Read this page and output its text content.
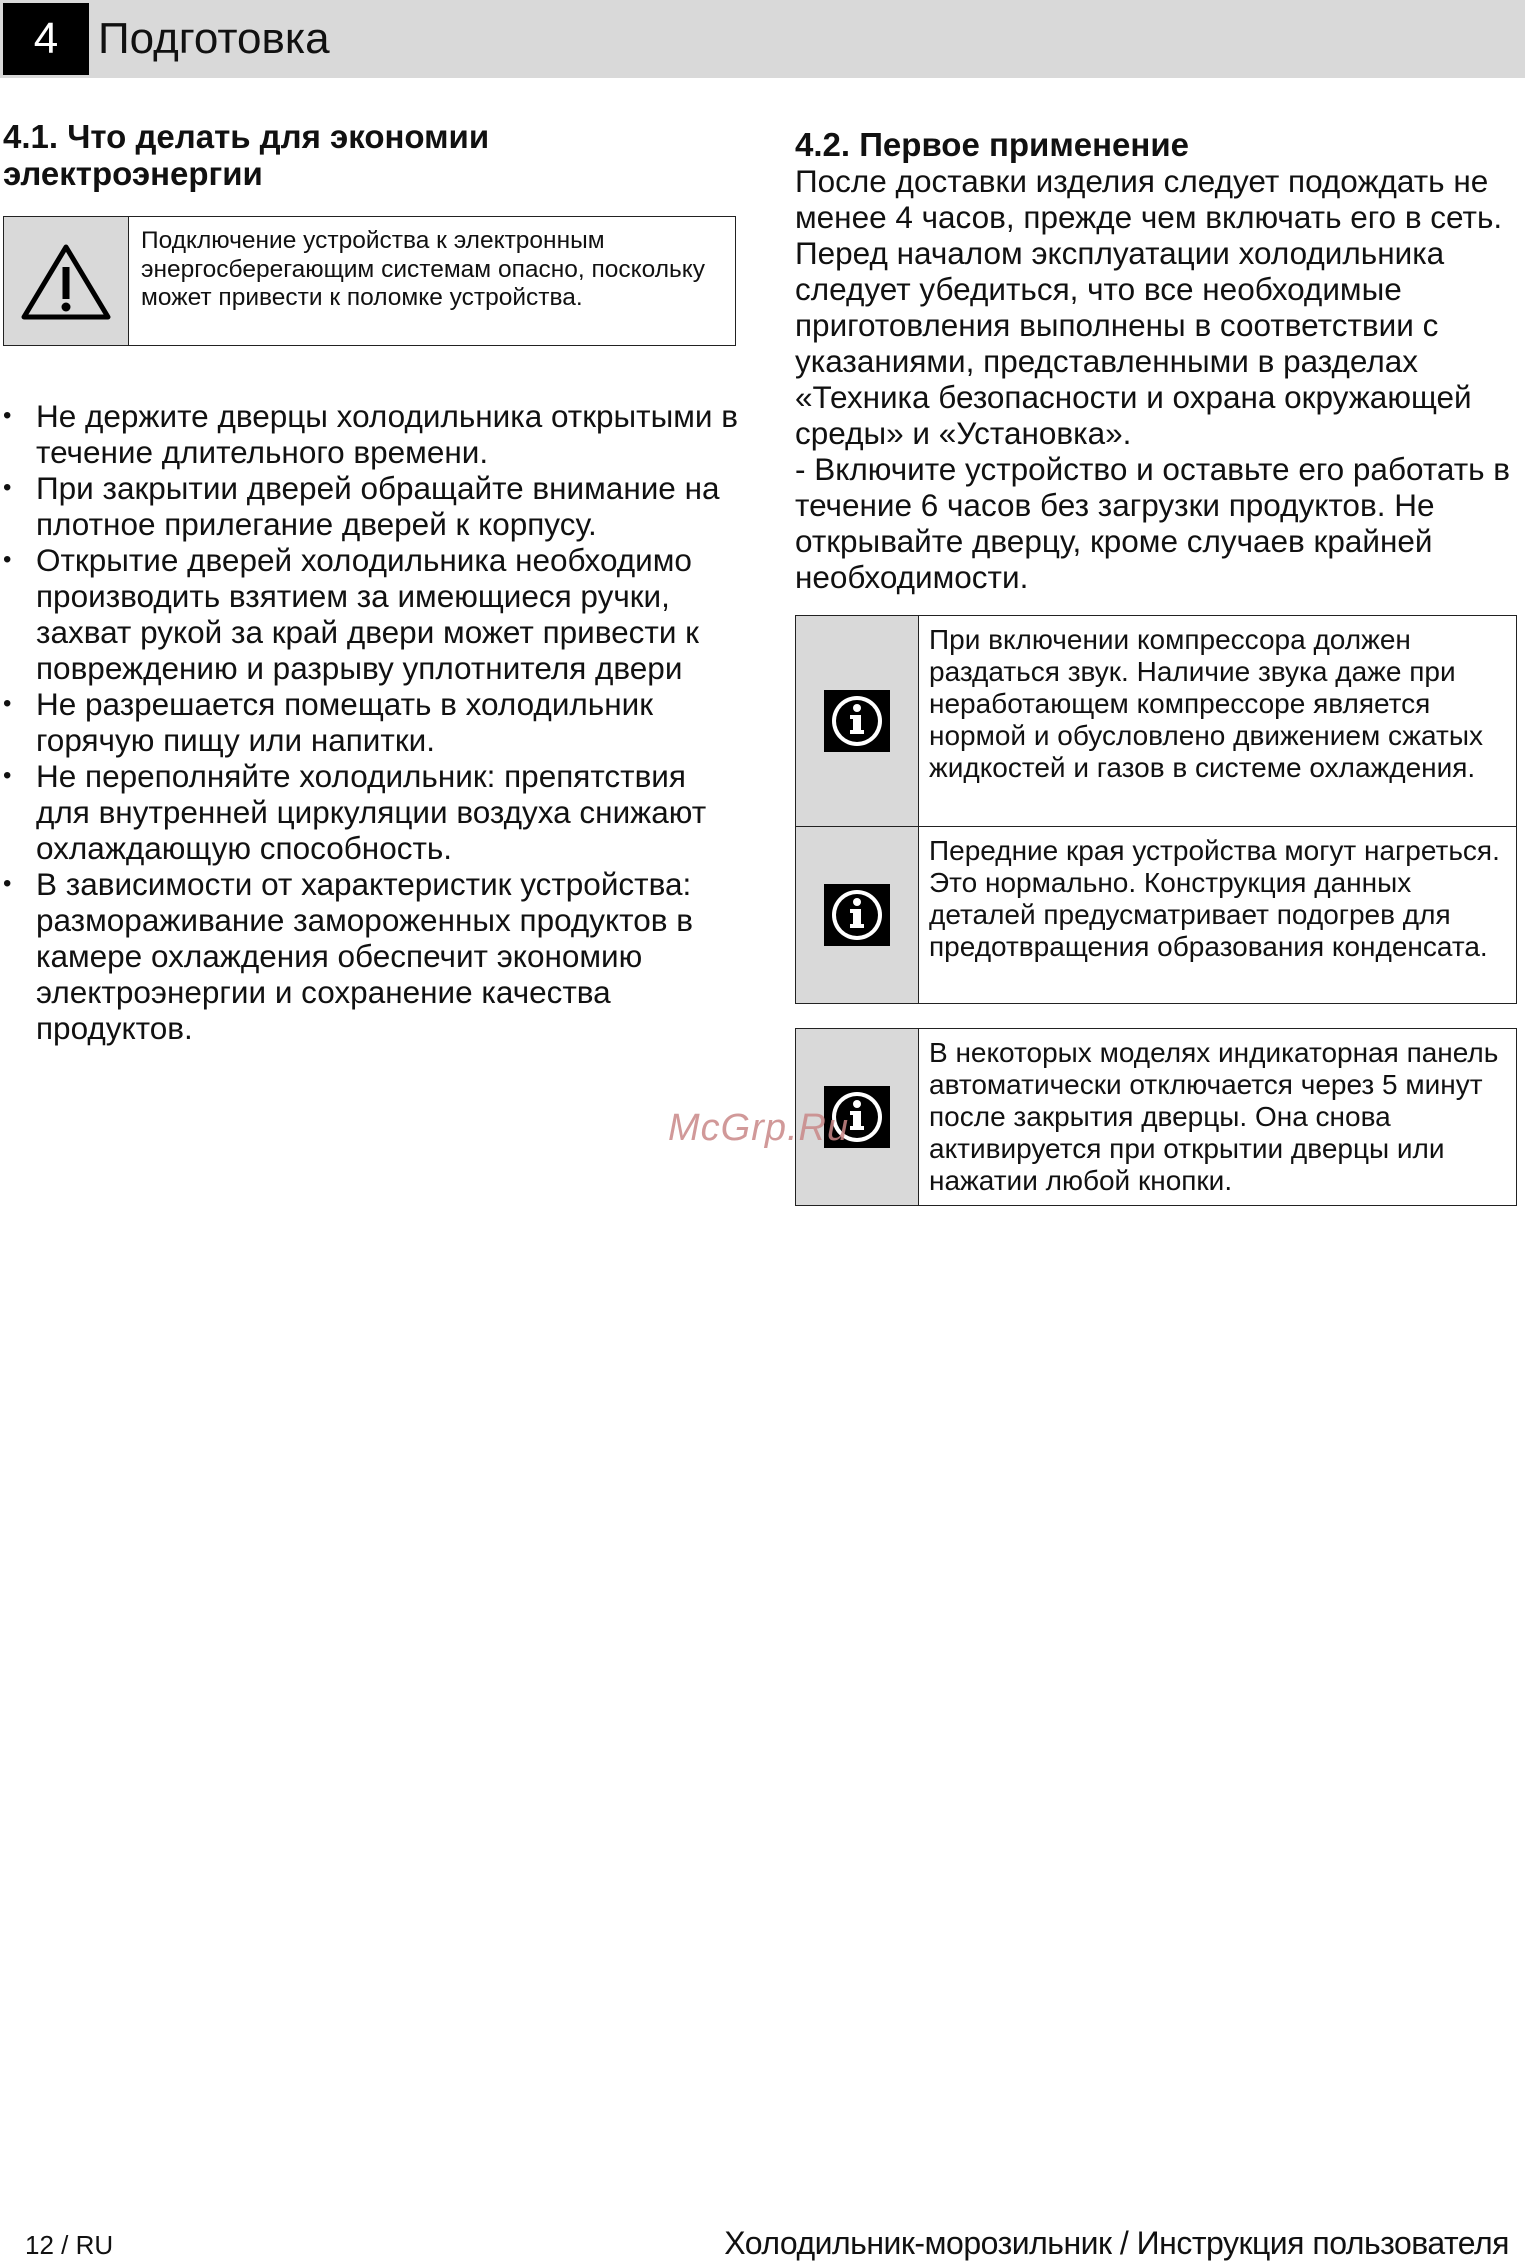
4 Подготовка
4.1. Что делать для экономии электроэнергии
Подключение устройства к электронным энергосберегающим системам опасно, поскольку может привести к поломке устройства.
• Не держите дверцы холодильника открытыми в течение длительного времени.
• При закрытии дверей обращайте внимание на плотное прилегание дверей к корпусу.
• Открытие дверей холодильника необходимо производить взятием за имеющиеся ручки, захват рукой за край двери может привести к повреждению и разрыву уплотнителя двери
• Не разрешается помещать в холодильник горячую пищу или напитки.
• Не переполняйте холодильник: препятствия для внутренней циркуляции воздуха снижают охлаждающую способность.
• В зависимости от характеристик устройства: размораживание замороженных продуктов в камере охлаждения обеспечит экономию электроэнергии и сохранение качества продуктов.
4.2. Первое применение

После доставки изделия следует подождать не менее 4 часов, прежде чем включать его в сеть.

Перед началом эксплуатации холодильника следует убедиться, что все необходимые приготовления выполнены в соответствии с указаниями, представленными в разделах «Техника безопасности и охрана окружающей среды» и «Установка».

- Включите устройство и оставьте его работать в течение 6 часов без загрузки продуктов. Не открывайте дверцу, кроме случаев крайней необходимости.

При включении компрессора должен раздаться звук. Наличие звука даже при неработающем компрессоре является нормой и обусловлено движением сжатых жидкостей и газов в системе охлаждения.
Передние края устройства могут нагреться. Это нормально. Конструкция данных деталей предусматривает подогрев для предотвращения образования конденсата.
В некоторых моделях индикаторная панель автоматически отключается через 5 минут после закрытия дверцы. Она снова активируется при открытии дверцы или нажатии любой кнопки.
McGrp.Ru
12 / RU	Холодильник-морозильник / Инструкция пользователя
